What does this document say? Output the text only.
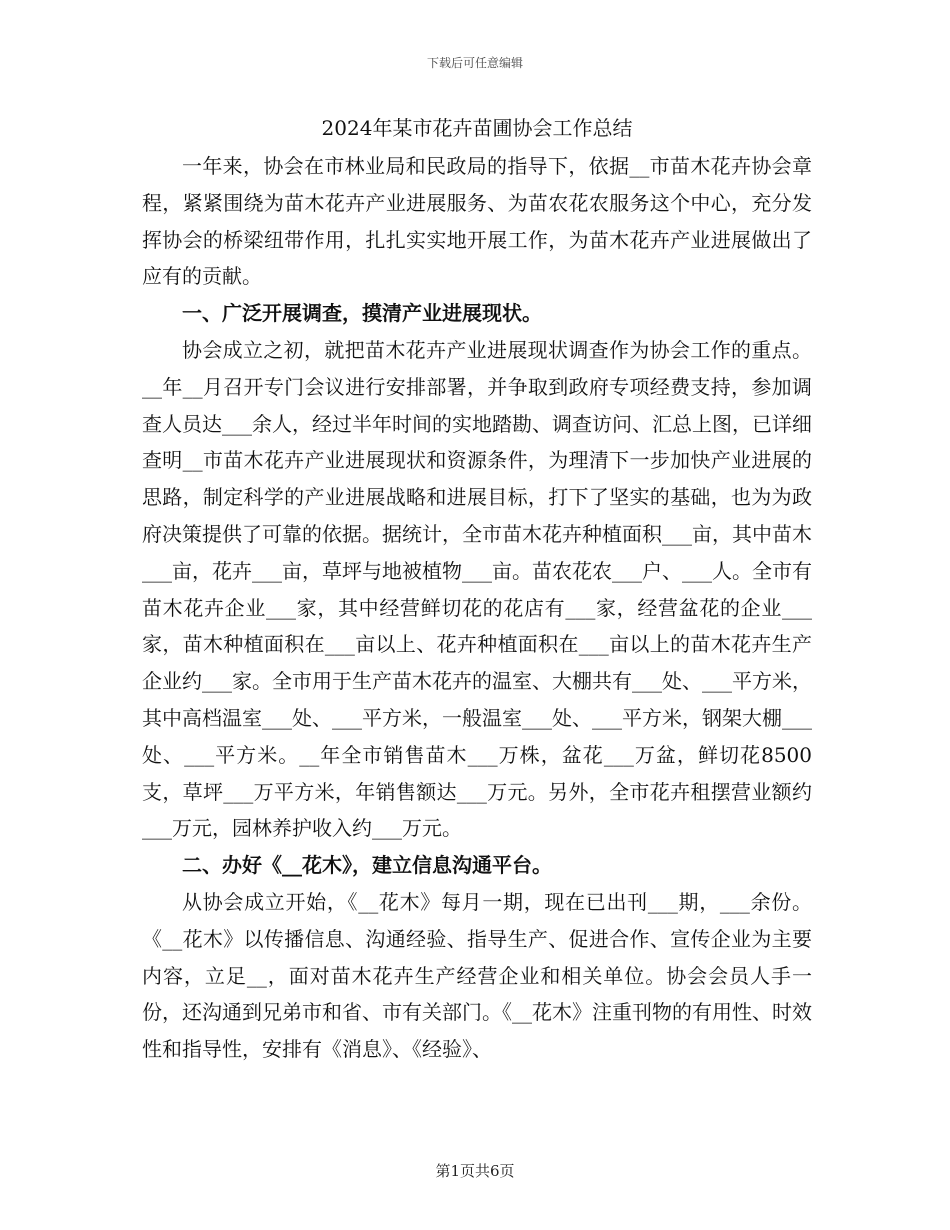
下载后可任意编辑
2024年某市花卉苗圃协会工作总结

一年来，协会在市林业局和民政局的指导下，依据__市苗木花卉协会章程，紧紧围绕为苗木花卉产业进展服务、为苗农花农服务这个中心，充分发挥协会的桥梁纽带作用，扎扎实实地开展工作，为苗木花卉产业进展做出了应有的贡献。

一、广泛开展调查，摸清产业进展现状。

协会成立之初，就把苗木花卉产业进展现状调查作为协会工作的重点。__年__月召开专门会议进行安排部署，并争取到政府专项经费支持，参加调查人员达___余人，经过半年时间的实地踏勘、调查访问、汇总上图，已详细查明__市苗木花卉产业进展现状和资源条件，为理清下一步加快产业进展的思路，制定科学的产业进展战略和进展目标，打下了坚实的基础，也为为政府决策提供了可靠的依据。据统计，全市苗木花卉种植面积___亩，其中苗木___亩，花卉___亩，草坪与地被植物___亩。苗农花农___户、___人。全市有苗木花卉企业___家，其中经营鲜切花的花店有___家，经营盆花的企业___家，苗木种植面积在___亩以上、花卉种植面积在___亩以上的苗木花卉生产企业约___家。全市用于生产苗木花卉的温室、大棚共有___处、___平方米，其中高档温室___处、___平方米，一般温室___处、___平方米，钢架大棚___处、___平方米。__年全市销售苗木___万株，盆花___万盆，鲜切花8500支，草坪___万平方米，年销售额达___万元。另外，全市花卉租摆营业额约___万元，园林养护收入约___万元。

二、办好《__花木》，建立信息沟通平台。

从协会成立开始，《__花木》每月一期，现在已出刊___期，___余份。《__花木》以传播信息、沟通经验、指导生产、促进合作、宣传企业为主要内容，立足__，面对苗木花卉生产经营企业和相关单位。协会会员人手一份，还沟通到兄弟市和省、市有关部门。《__花木》注重刊物的有用性、时效性和指导性，安排有《消息》、《经验》、

第1页共6页
